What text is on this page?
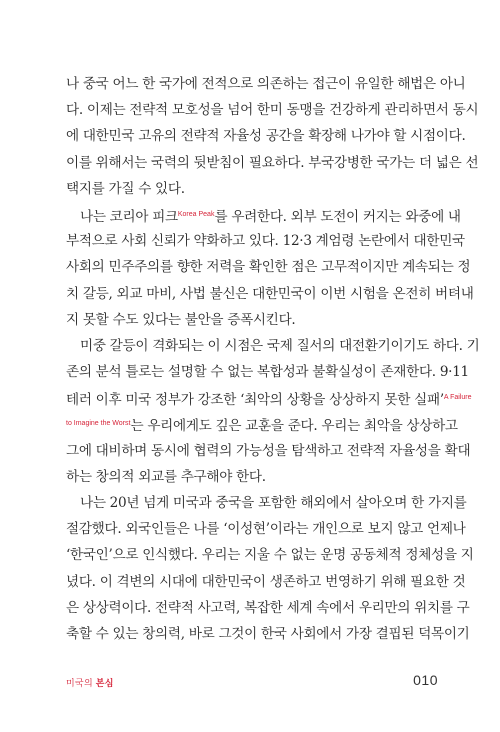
나 중국 어느 한 국가에 전적으로 의존하는 접근이 유일한 해법은 아니
다. 이제는 전략적 모호성을 넘어 한미 동맹을 건강하게 관리하면서 동시
에 대한민국 고유의 전략적 자율성 공간을 확장해 나가야 할 시점이다.
이를 위해서는 국력의 뒷받침이 필요하다. 부국강병한 국가는 더 넓은 선
택지를 가질 수 있다.
나는 코리아 피크$^{Korea Peak}$를 우려한다. 외부 도전이 커지는 와중에 내
부적으로 사회 신뢰가 약화하고 있다. 12·3 계엄령 논란에서 대한민국
사회의 민주주의를 향한 저력을 확인한 점은 고무적이지만 계속되는 정
치 갈등, 외교 마비, 사법 불신은 대한민국이 이번 시험을 온전히 버텨내
지 못할 수도 있다는 불안을 증폭시킨다.
미중 갈등이 격화되는 이 시점은 국제 질서의 대전환기이기도 하다. 기
존의 분석 틀로는 설명할 수 없는 복합성과 불확실성이 존재한다. 9·11
테러 이후 미국 정부가 강조한 ‘최악의 상황을 상상하지 못한 실패’$^{A Failure}$
$^{to Imagine the Worst}$는 우리에게도 깊은 교훈을 준다. 우리는 최악을 상상하고
그에 대비하며 동시에 협력의 가능성을 탐색하고 전략적 자율성을 확대
하는 창의적 외교를 추구해야 한다.
나는 20년 넘게 미국과 중국을 포함한 해외에서 살아오며 한 가지를
절감했다. 외국인들은 나를 ‘이성현’이라는 개인으로 보지 않고 언제나
‘한국인’으로 인식했다. 우리는 지울 수 없는 운명 공동체적 정체성을 지
녔다. 이 격변의 시대에 대한민국이 생존하고 번영하기 위해 필요한 것
은 상상력이다. 전략적 사고력, 복잡한 세계 속에서 우리만의 위치를 구
축할 수 있는 창의력, 바로 그것이 한국 사회에서 가장 결핍된 덕목이기
미국의 본심	010
